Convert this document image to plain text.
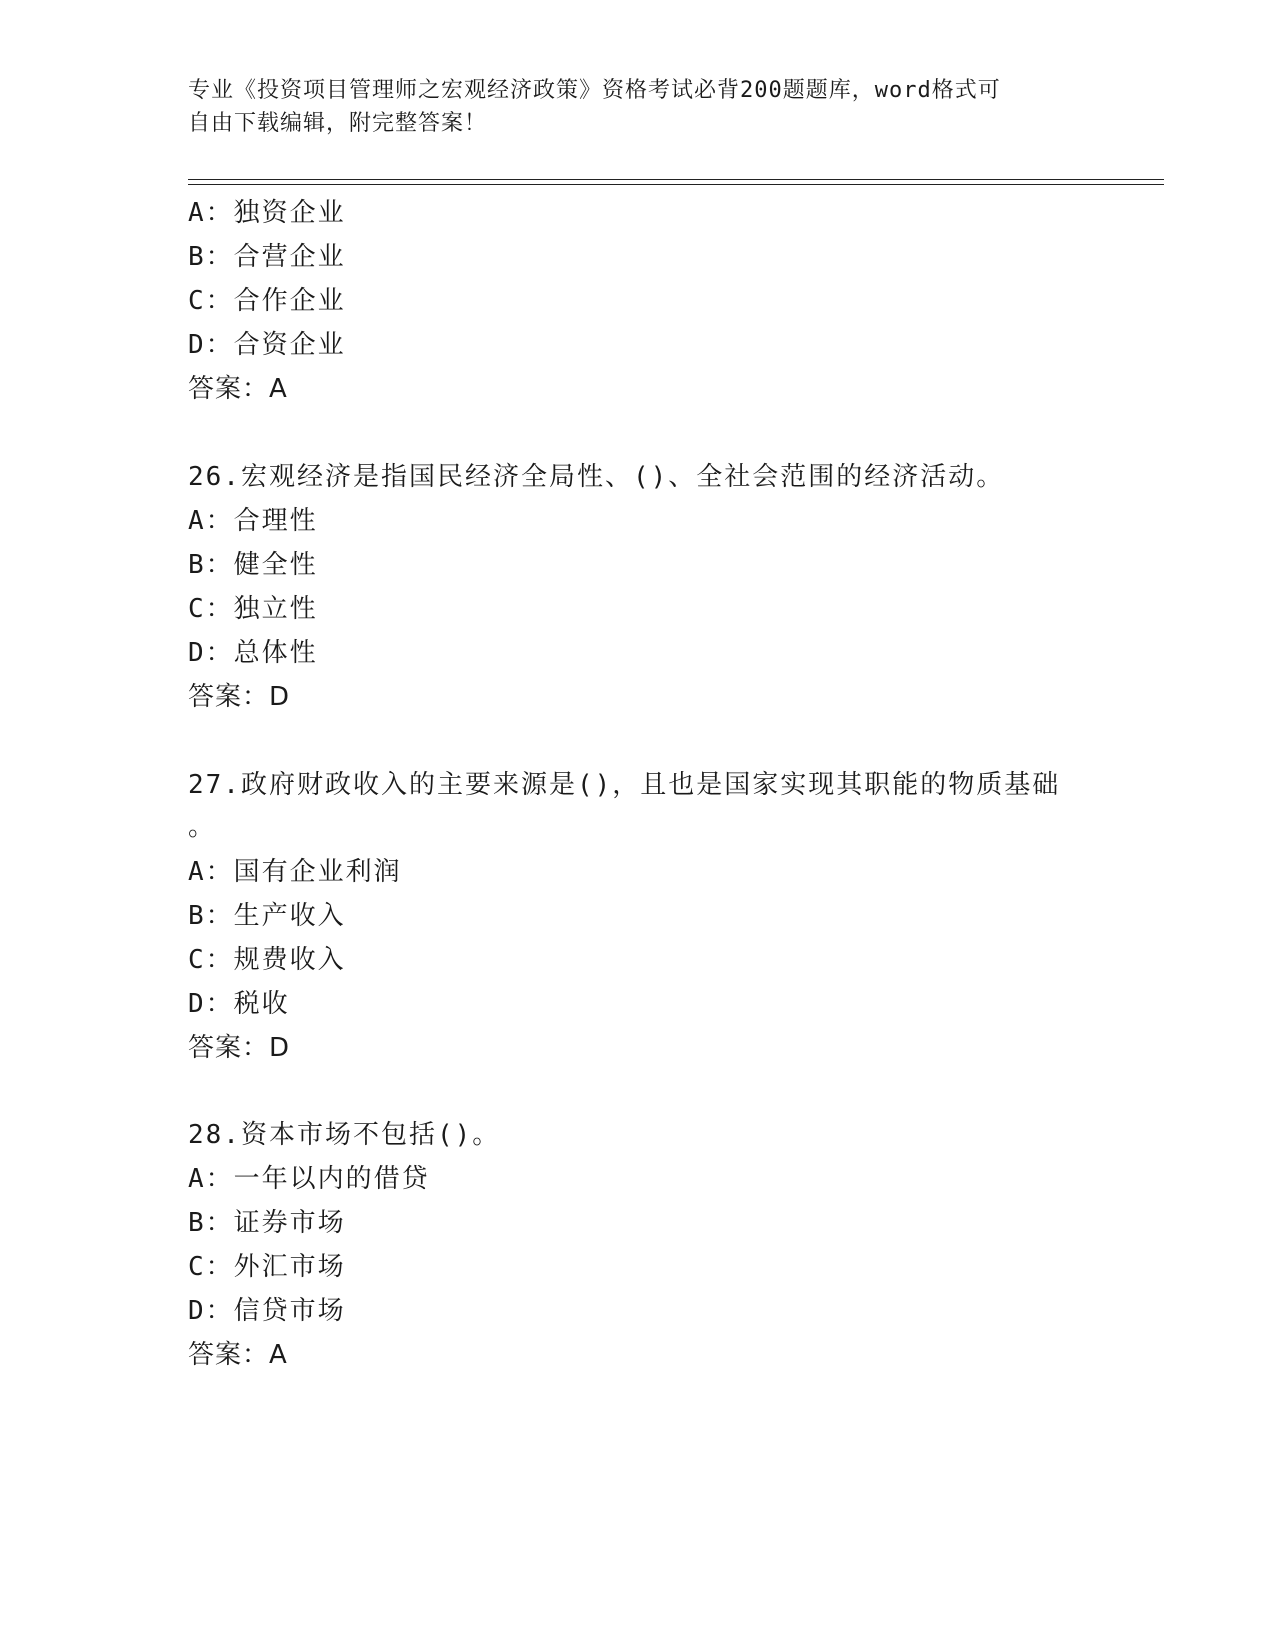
专业《投资项目管理师之宏观经济政策》资格考试必背200题题库，word格式可
自由下载编辑，附完整答案！
A：独资企业
B：合营企业
C：合作企业
D：合资企业
答案：A
26.宏观经济是指国民经济全局性、()、全社会范围的经济活动。
A：合理性
B：健全性
C：独立性
D：总体性
答案：D
27.政府财政收入的主要来源是()，且也是国家实现其职能的物质基础
。
A：国有企业利润
B：生产收入
C：规费收入
D：税收
答案：D
28.资本市场不包括()。
A：一年以内的借贷
B：证券市场
C：外汇市场
D：信贷市场
答案：A
